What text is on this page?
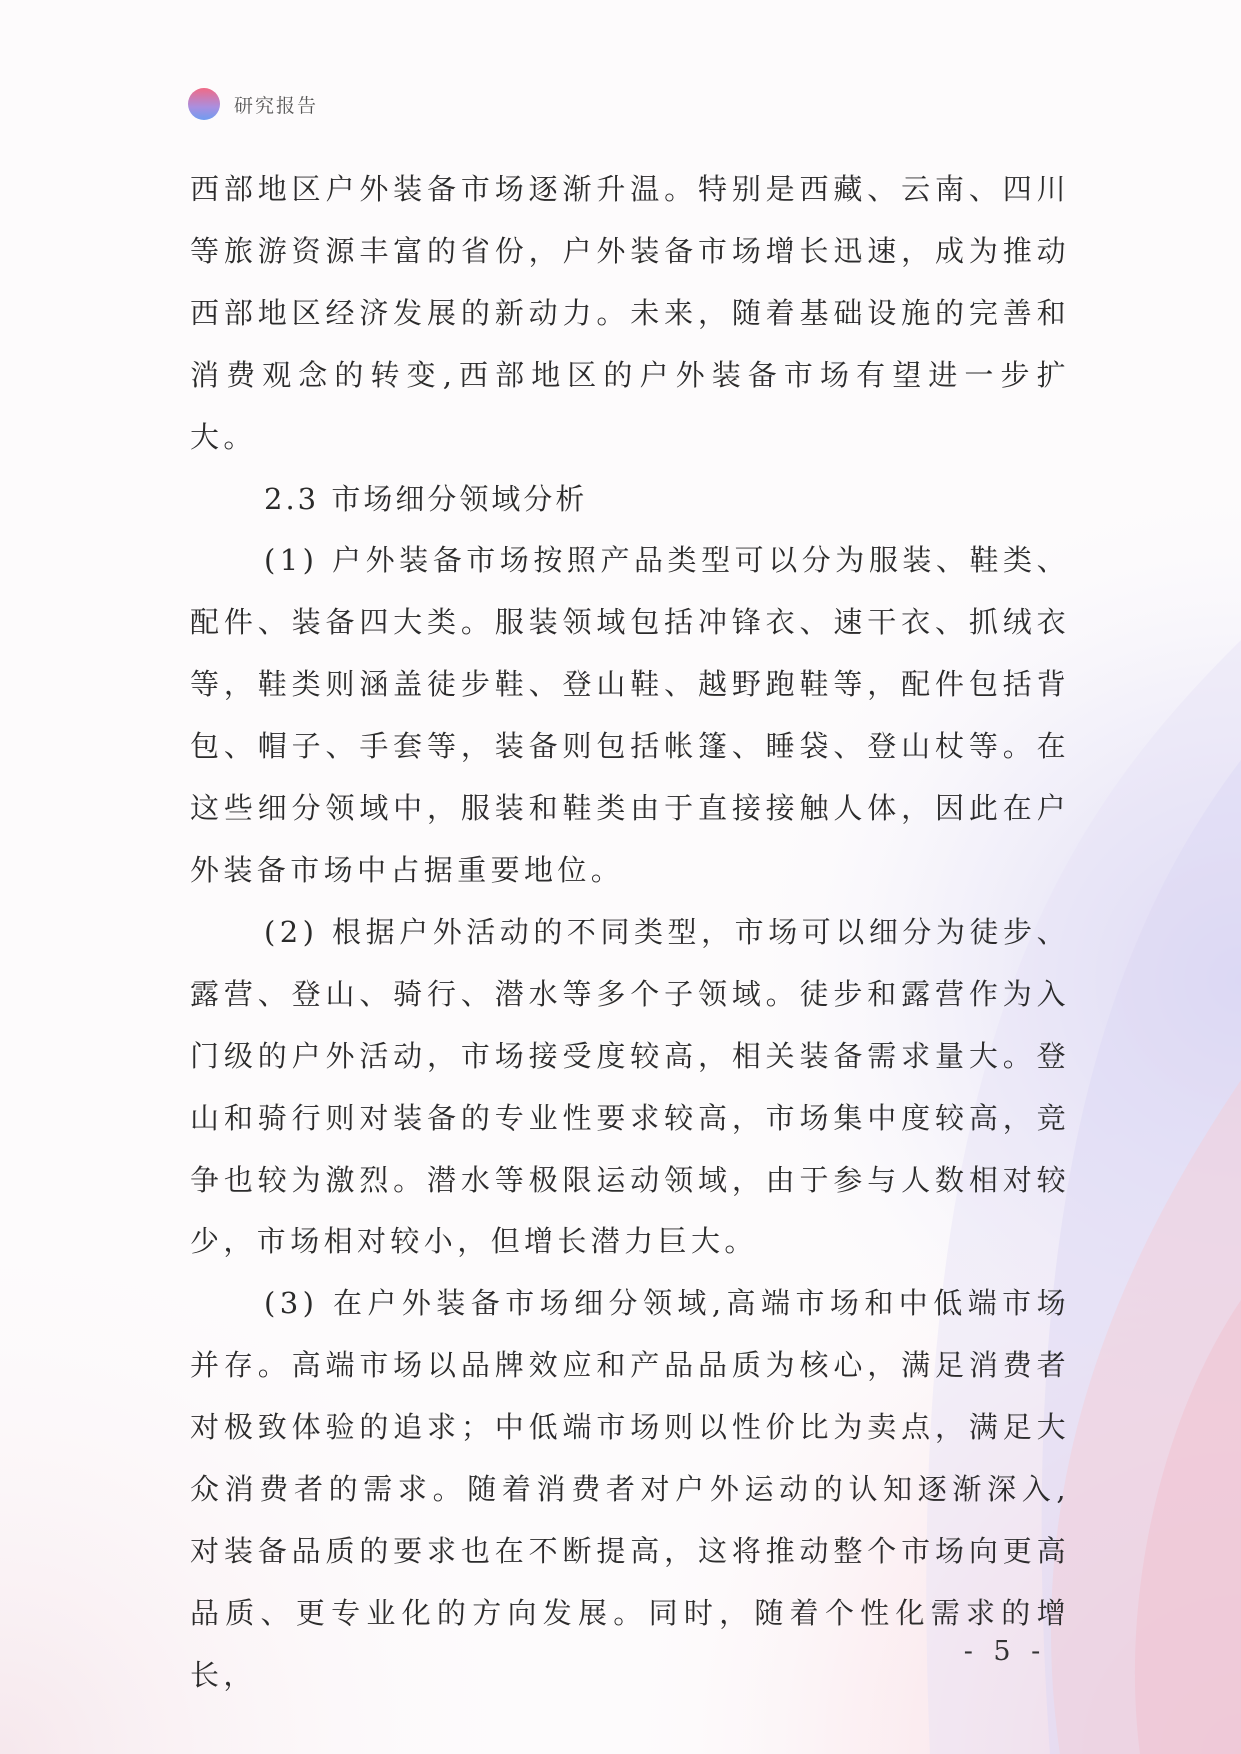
研究报告

西部地区户外装备市场逐渐升温。特别是西藏、云南、四川等旅游资源丰富的省份，户外装备市场增长迅速，成为推动西部地区经济发展的新动力。未来，随着基础设施的完善和消费观念的转变,西部地区的户外装备市场有望进一步扩大。

2.3 市场细分领域分析

(1) 户外装备市场按照产品类型可以分为服装、鞋类、配件、装备四大类。服装领域包括冲锋衣、速干衣、抓绒衣等，鞋类则涵盖徒步鞋、登山鞋、越野跑鞋等，配件包括背包、帽子、手套等，装备则包括帐篷、睡袋、登山杖等。在这些细分领域中，服装和鞋类由于直接接触人体，因此在户外装备市场中占据重要地位。

(2) 根据户外活动的不同类型，市场可以细分为徒步、露营、登山、骑行、潜水等多个子领域。徒步和露营作为入门级的户外活动，市场接受度较高，相关装备需求量大。登山和骑行则对装备的专业性要求较高，市场集中度较高，竞争也较为激烈。潜水等极限运动领域，由于参与人数相对较少，市场相对较小，但增长潜力巨大。

(3) 在户外装备市场细分领域,高端市场和中低端市场并存。高端市场以品牌效应和产品品质为核心，满足消费者对极致体验的追求；中低端市场则以性价比为卖点，满足大众消费者的需求。随着消费者对户外运动的认知逐渐深入,对装备品质的要求也在不断提高，这将推动整个市场向更高品质、更专业化的方向发展。同时，随着个性化需求的增长，

- 5 -
